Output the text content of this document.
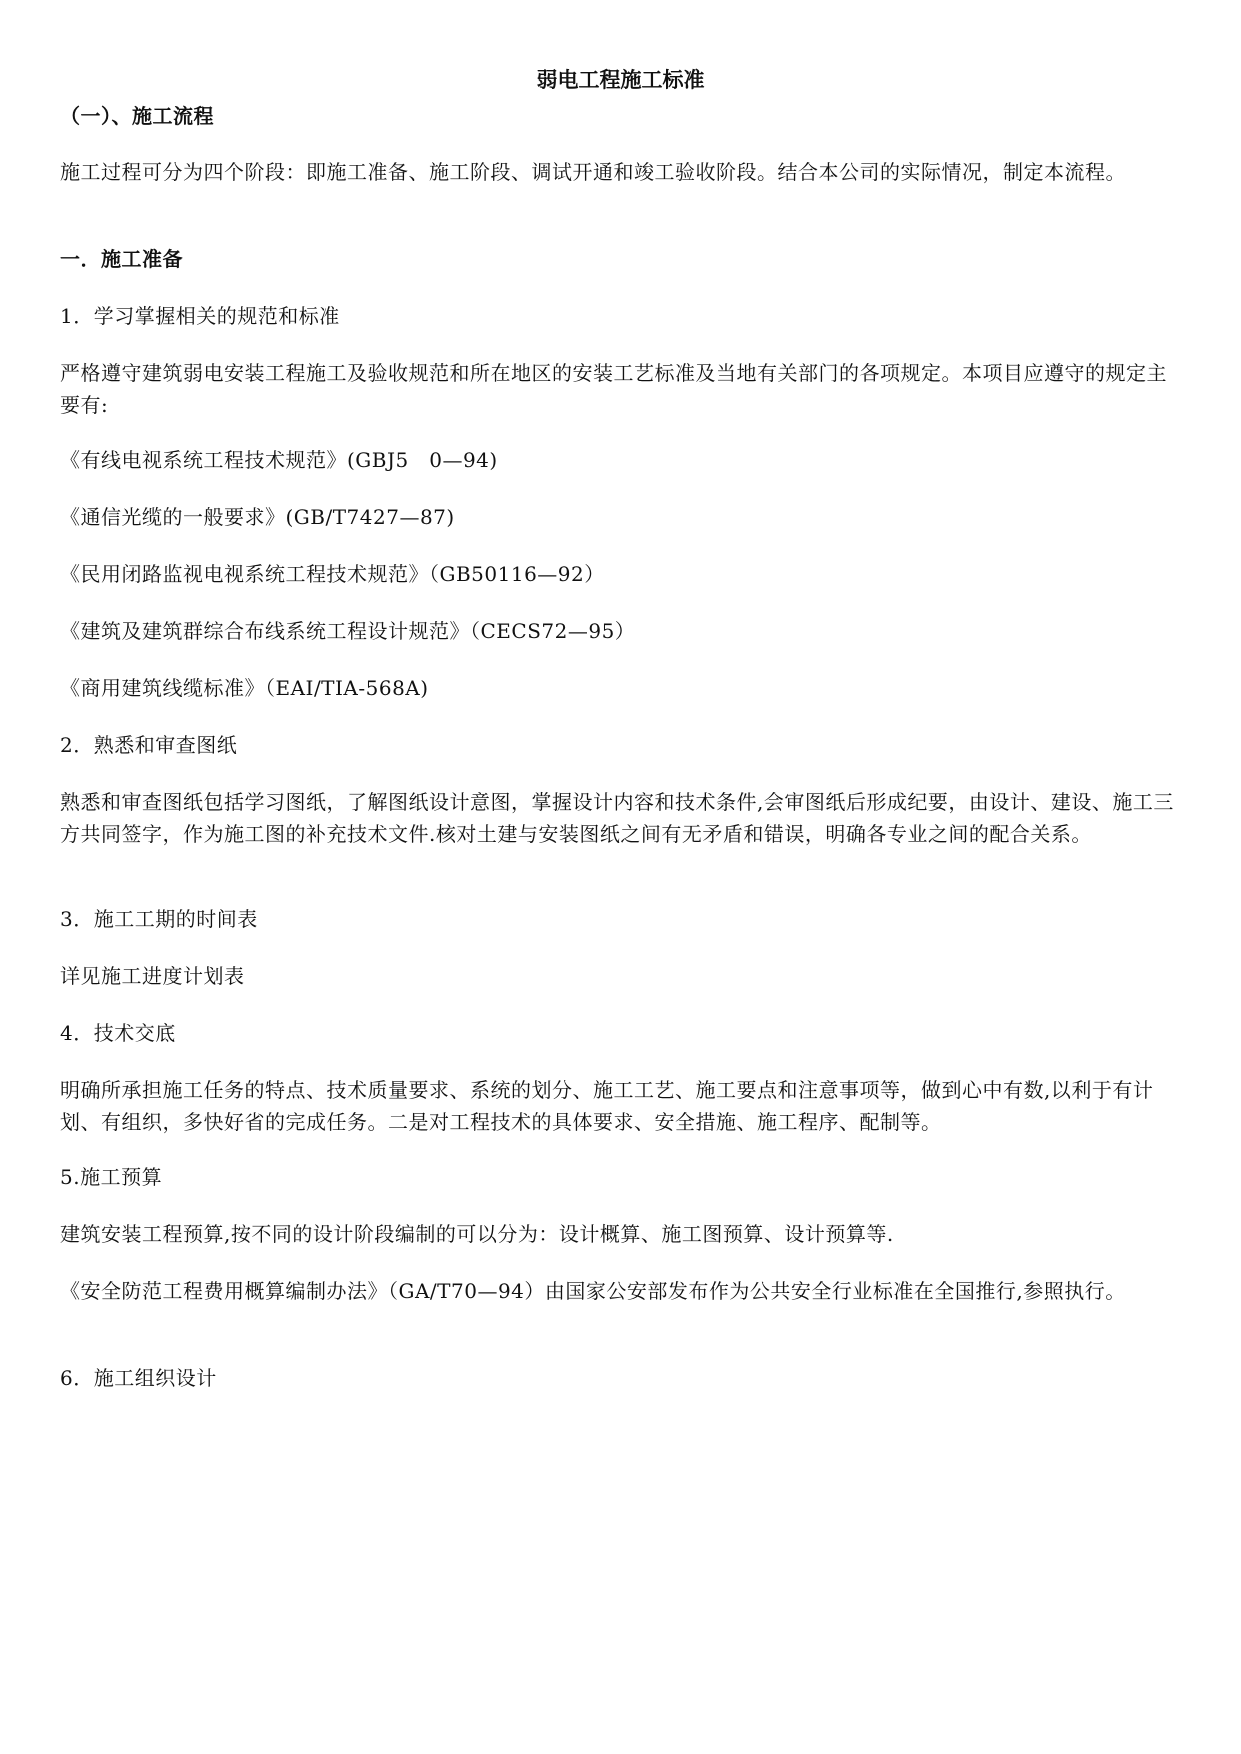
弱电工程施工标准

（一）、施工流程

施工过程可分为四个阶段：即施工准备、施工阶段、调试开通和竣工验收阶段。结合本公司的实际情况，制定本流程。

一．施工准备

1．学习掌握相关的规范和标准

严格遵守建筑弱电安装工程施工及验收规范和所在地区的安装工艺标准及当地有关部门的各项规定。本项目应遵守的规定主要有:

《有线电视系统工程技术规范》(GBJ5　0—94)

《通信光缆的一般要求》(GB/T7427—87)

《民用闭路监视电视系统工程技术规范》（GB50116—92）

《建筑及建筑群综合布线系统工程设计规范》（CECS72—95）

《商用建筑线缆标准》（EAI/TIA-568A)

2．熟悉和审查图纸

熟悉和审查图纸包括学习图纸，了解图纸设计意图，掌握设计内容和技术条件,会审图纸后形成纪要，由设计、建设、施工三方共同签字，作为施工图的补充技术文件.核对土建与安装图纸之间有无矛盾和错误，明确各专业之间的配合关系。

3．施工工期的时间表

详见施工进度计划表

4．技术交底

明确所承担施工任务的特点、技术质量要求、系统的划分、施工工艺、施工要点和注意事项等，做到心中有数,以利于有计划、有组织，多快好省的完成任务。二是对工程技术的具体要求、安全措施、施工程序、配制等。

5.施工预算

建筑安装工程预算,按不同的设计阶段编制的可以分为：设计概算、施工图预算、设计预算等.

《安全防范工程费用概算编制办法》（GA/T70—94）由国家公安部发布作为公共安全行业标准在全国推行,参照执行。

6．施工组织设计
